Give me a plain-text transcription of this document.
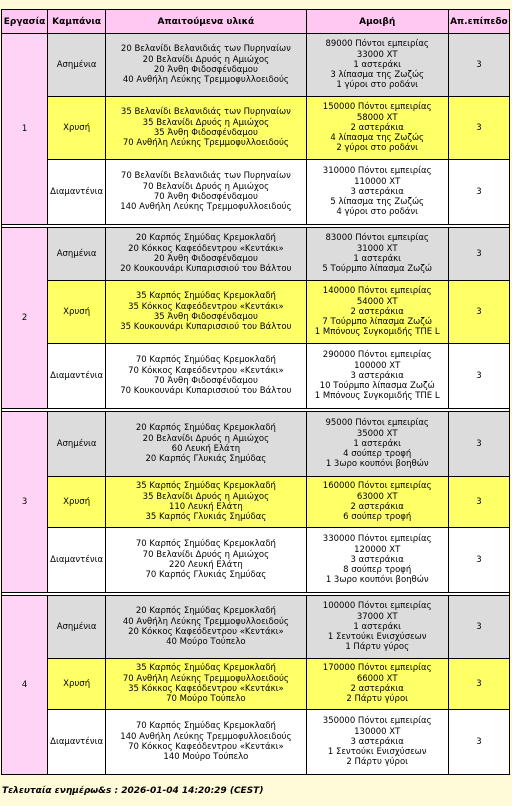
Εργασία	Καμπάνια	Απαιτούμενα υλικά	Αμοιβή	Απ.επίπεδο
1	Ασημένια	20 Βελανίδι Βελανιδιάς των Πυρηναίων
20 Βελανίδι Δρυός η Αμιώχος
20 Άνθη Φιδοσφένδαμου
40 Ανθήλη Λεύκης Τρεμμοφυλλοειδούς	89000 Πόντοι εμπειρίας
33000 ΧΤ
1 αστεράκι
3 λίπασμα της Ζωζώς
1 γύροι στο ροδάνι	3
	Χρυσή	35 Βελανίδι Βελανιδιάς των Πυρηναίων
35 Βελανίδι Δρυός η Αμιώχος
35 Άνθη Φιδοσφένδαμου
70 Ανθήλη Λεύκης Τρεμμοφυλλοειδούς	150000 Πόντοι εμπειρίας
58000 ΧΤ
2 αστεράκια
4 λίπασμα της Ζωζώς
2 γύροι στο ροδάνι	3
	Διαμαντένια	70 Βελανίδι Βελανιδιάς των Πυρηναίων
70 Βελανίδι Δρυός η Αμιώχος
70 Άνθη Φιδοσφένδαμου
140 Ανθήλη Λεύκης Τρεμμοφυλλοειδούς	310000 Πόντοι εμπειρίας
110000 ΧΤ
3 αστεράκια
5 λίπασμα της Ζωζώς
4 γύροι στο ροδάνι	3

2	Ασημένια	20 Καρπός Σημύδας Κρεμοκλαδή
20 Κόκκος Καφεόδεντρου «Κεντάκι»
20 Άνθη Φιδοσφένδαμου
20 Κουκουνάρι Κυπαρισσιού του Βάλτου	83000 Πόντοι εμπειρίας
31000 ΧΤ
1 αστεράκι
5 Τούρμπο λίπασμα Ζωζώ	3
	Χρυσή	35 Καρπός Σημύδας Κρεμοκλαδή
35 Κόκκος Καφεόδεντρου «Κεντάκι»
35 Άνθη Φιδοσφένδαμου
35 Κουκουνάρι Κυπαρισσιού του Βάλτου	140000 Πόντοι εμπειρίας
54000 ΧΤ
2 αστεράκια
7 Τούρμπο λίπασμα Ζωζώ
1 Μπόνους Συγκομιδής ΤΠΕ L	3
	Διαμαντένια	70 Καρπός Σημύδας Κρεμοκλαδή
70 Κόκκος Καφεόδεντρου «Κεντάκι»
70 Άνθη Φιδοσφένδαμου
70 Κουκουνάρι Κυπαρισσιού του Βάλτου	290000 Πόντοι εμπειρίας
100000 ΧΤ
3 αστεράκια
10 Τούρμπο λίπασμα Ζωζώ
1 Μπόνους Συγκομιδής ΤΠΕ L	3

3	Ασημένια	20 Καρπός Σημύδας Κρεμοκλαδή
20 Βελανίδι Δρυός η Αμιώχος
60 Λευκή Ελάτη
20 Καρπός Γλυκιάς Σημύδας	95000 Πόντοι εμπειρίας
35000 ΧΤ
1 αστεράκι
4 σούπερ τροφή
1 3ωρο κουπόνι βοηθών	3
	Χρυσή	35 Καρπός Σημύδας Κρεμοκλαδή
35 Βελανίδι Δρυός η Αμιώχος
110 Λευκή Ελάτη
35 Καρπός Γλυκιάς Σημύδας	160000 Πόντοι εμπειρίας
63000 ΧΤ
2 αστεράκια
6 σούπερ τροφή	3
	Διαμαντένια	70 Καρπός Σημύδας Κρεμοκλαδή
70 Βελανίδι Δρυός η Αμιώχος
220 Λευκή Ελάτη
70 Καρπός Γλυκιάς Σημύδας	330000 Πόντοι εμπειρίας
120000 ΧΤ
3 αστεράκια
8 σούπερ τροφή
1 3ωρο κουπόνι βοηθών	3

4	Ασημένια	20 Καρπός Σημύδας Κρεμοκλαδή
40 Ανθήλη Λεύκης Τρεμμοφυλλοειδούς
20 Κόκκος Καφεόδεντρου «Κεντάκι»
40 Μούρο Τούπελο	100000 Πόντοι εμπειρίας
37000 ΧΤ
1 αστεράκι
1 Σεντούκι Ενισχύσεων
1 Πάρτυ γύρος	3
	Χρυσή	35 Καρπός Σημύδας Κρεμοκλαδή
70 Ανθήλη Λεύκης Τρεμμοφυλλοειδούς
35 Κόκκος Καφεόδεντρου «Κεντάκι»
70 Μούρο Τούπελο	170000 Πόντοι εμπειρίας
66000 ΧΤ
2 αστεράκια
2 Πάρτυ γύροι	3
	Διαμαντένια	70 Καρπός Σημύδας Κρεμοκλαδή
140 Ανθήλη Λεύκης Τρεμμοφυλλοειδούς
70 Κόκκος Καφεόδεντρου «Κεντάκι»
140 Μούρο Τούπελο	350000 Πόντοι εμπειρίας
130000 ΧΤ
3 αστεράκια
1 Σεντούκι Ενισχύσεων
2 Πάρτυ γύροι	3
Τελευταία ενημέρω&s : 2026-01-04 14:20:29 (CEST)
